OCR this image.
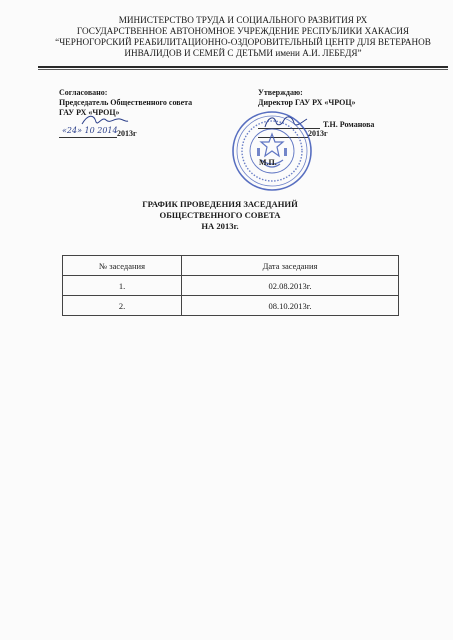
МИНИСТЕРСТВО ТРУДА И СОЦИАЛЬНОГО РАЗВИТИЯ РХ
ГОСУДАРСТВЕННОЕ АВТОНОМНОЕ УЧРЕЖДЕНИЕ РЕСПУБЛИКИ ХАКАСИЯ
“ЧЕРНОГОРСКИЙ РЕАБИЛИТАЦИОННО-ОЗДОРОВИТЕЛЬНЫЙ ЦЕНТР ДЛЯ ВЕТЕРАНОВ
ИНВАЛИДОВ И СЕМЕЙ С ДЕТЬМИ имени А.И. ЛЕБЕДЯ”
Согласовано:
Председатель Общественного совета
ГАУ РХ «ЧРОЦ»
«24» 10 2014 2013г
Утверждаю:
Директор ГАУ РХ «ЧРОЦ»
Т.Н. Романова
2013г
М.П.
ГРАФИК ПРОВЕДЕНИЯ ЗАСЕДАНИЙ
ОБЩЕСТВЕННОГО СОВЕТА
НА 2013г.
№ заседания	Дата заседания
1.	02.08.2013г.
2.	08.10.2013г.
